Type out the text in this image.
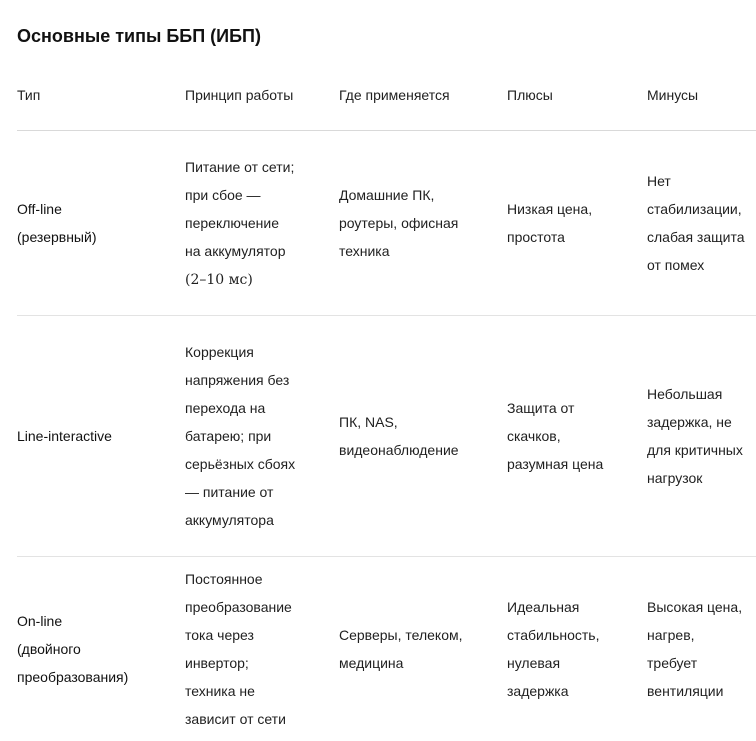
Основные типы ББП (ИБП)
Тип	Принцип работы	Где применяется	Плюсы	Минусы

Off-line
(резервный)	Питание от сети; при сбое — переключение на аккумулятор (2–10 мс)	Домашние ПК, роутеры, офисная техника	Низкая цена, простота	Нет стабилизации, слабая защита от помех

Line-interactive	Коррекция напряжения без перехода на батарею; при серьёзных сбоях — питание от аккумулятора	ПК, NAS, видеонаблюдение	Защита от скачков, разумная цена	Небольшая задержка, не для критичных нагрузок

On-line
(двойного преобразования)	Постоянное преобразование тока через инвертор; техника не зависит от сети	Серверы, телеком, медицина	Идеальная стабильность, нулевая задержка	Высокая цена, нагрев, требует вентиляции
